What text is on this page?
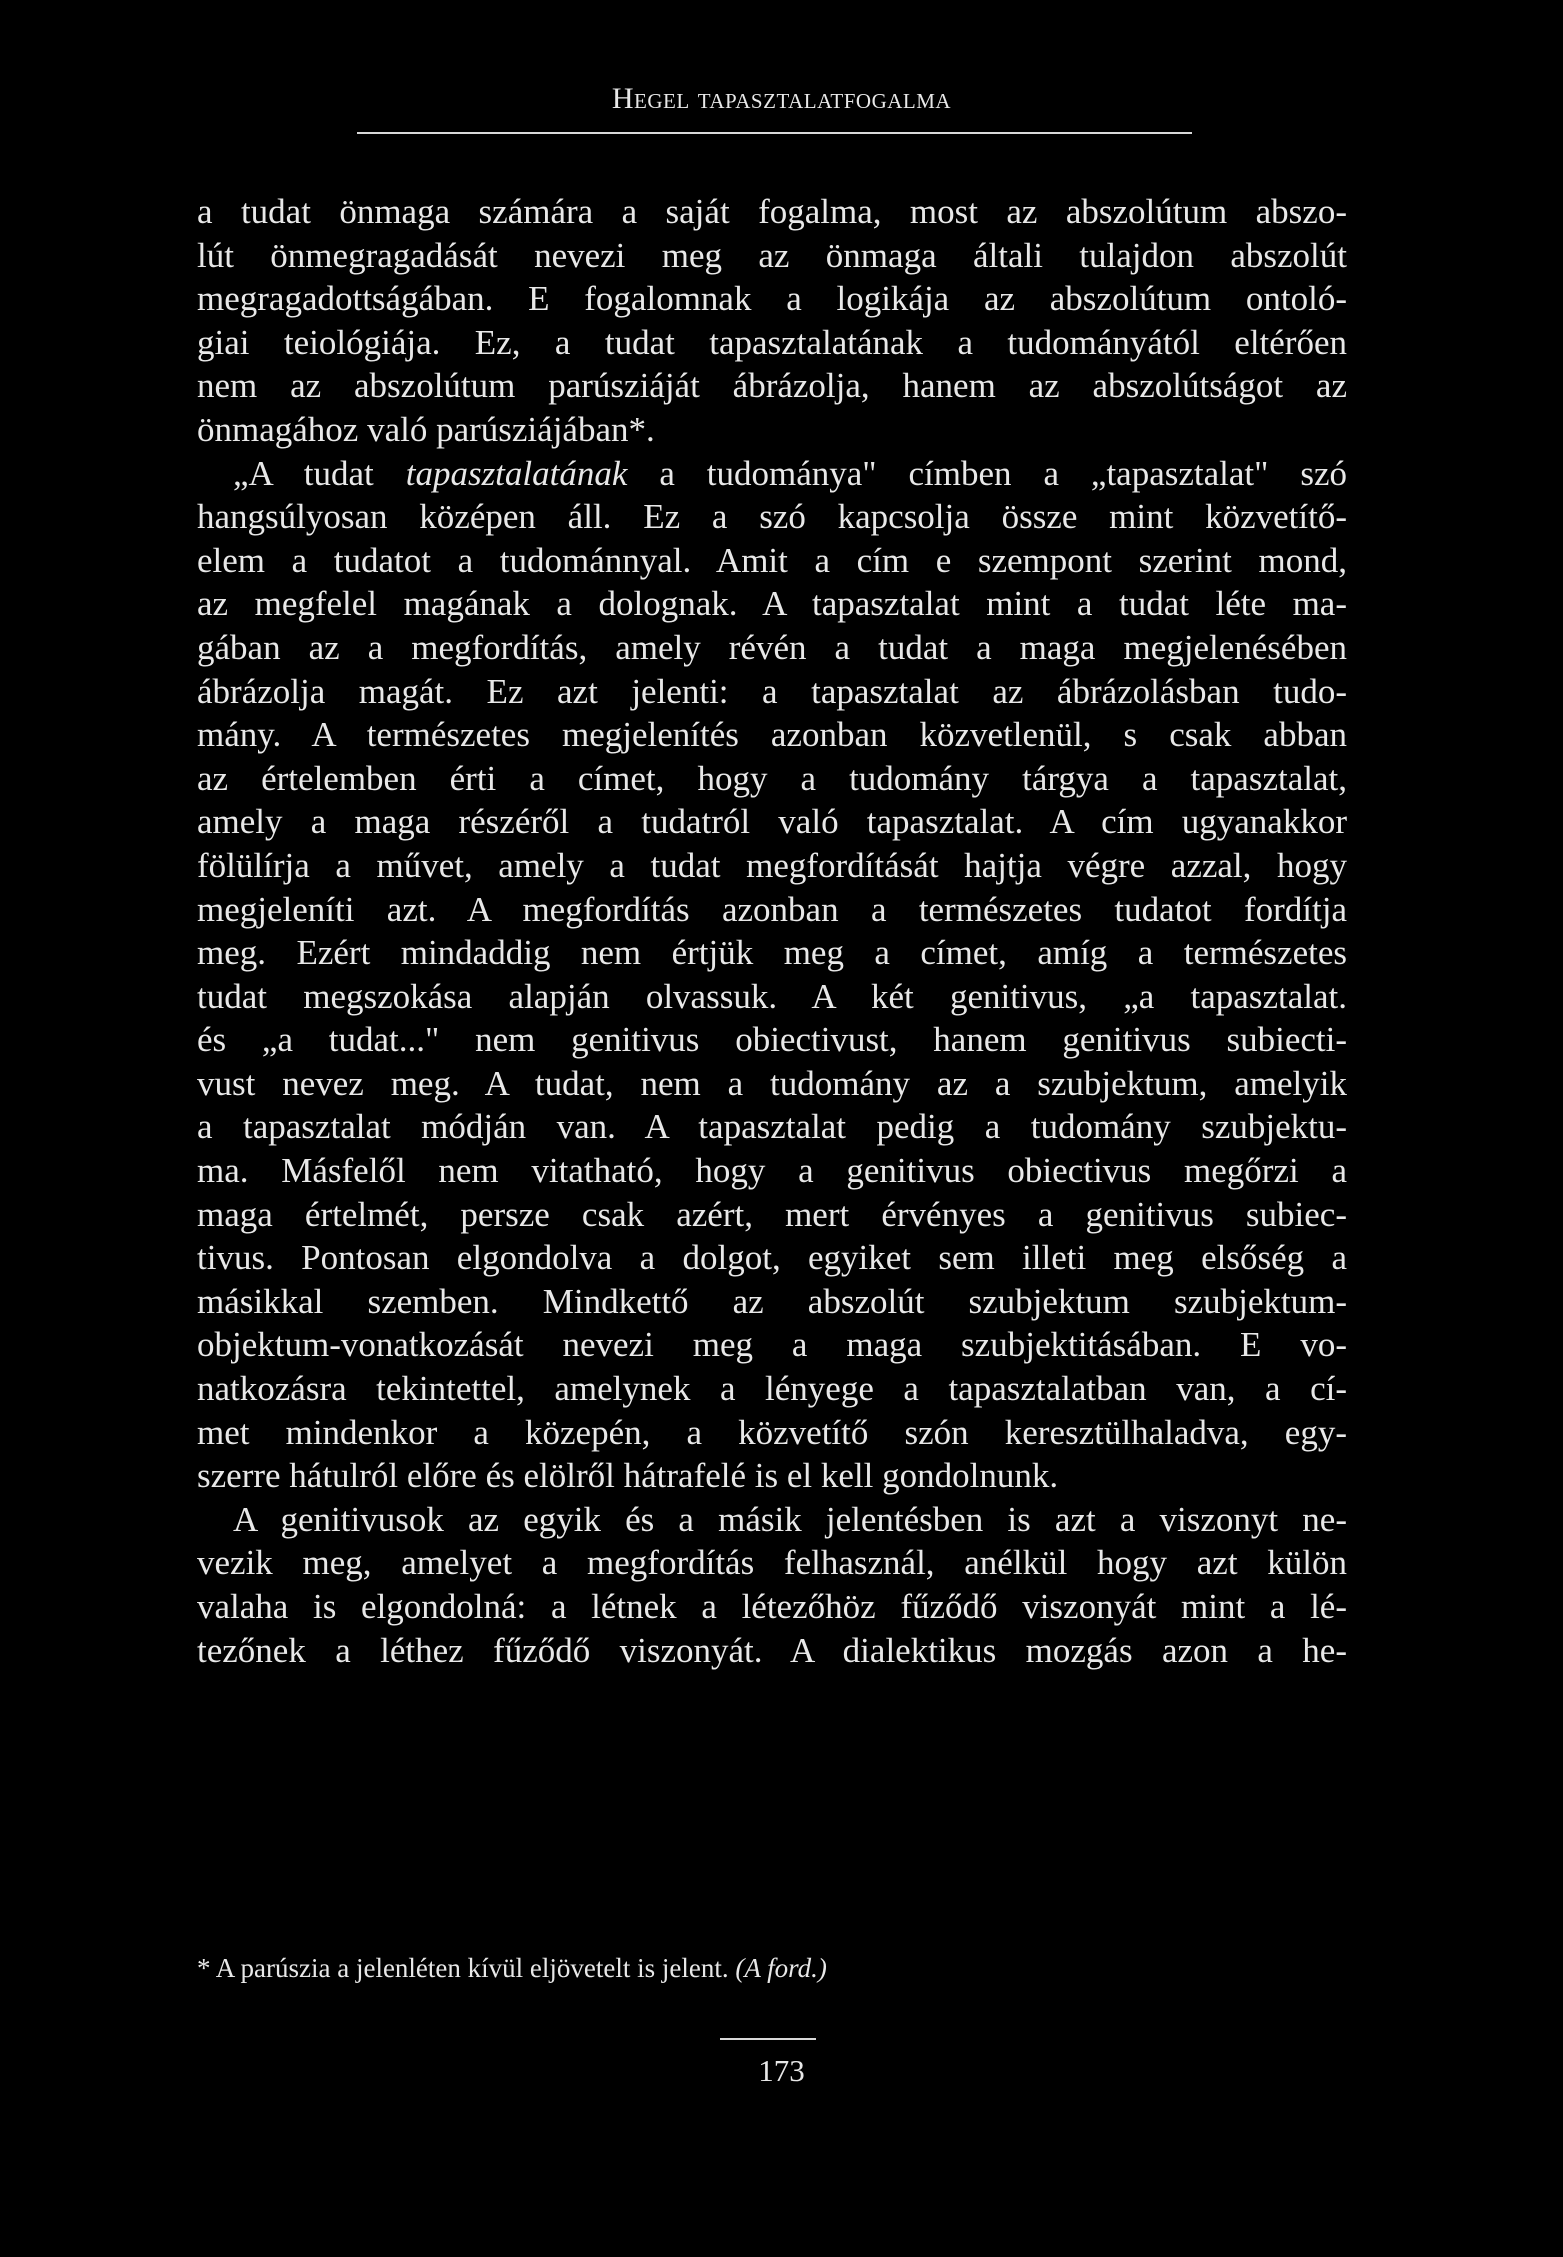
Hegel tapasztalatfogalma
a tudat önmaga számára a saját fogalma, most az abszolútum abszo-
lút önmegragadását nevezi meg az önmaga általi tulajdon abszolút
megragadottságában. E fogalomnak a logikája az abszolútum ontoló-
giai teiológiája. Ez, a tudat tapasztalatának a tudományától eltérően
nem az abszolútum parúsziáját ábrázolja, hanem az abszolútságot az
önmagához való parúsziájában*.
„A tudat tapasztalatának a tudománya" címben a „tapasztalat" szó
hangsúlyosan középen áll. Ez a szó kapcsolja össze mint közvetítő-
elem a tudatot a tudománnyal. Amit a cím e szempont szerint mond,
az megfelel magának a dolognak. A tapasztalat mint a tudat léte ma-
gában az a megfordítás, amely révén a tudat a maga megjelenésében
ábrázolja magát. Ez azt jelenti: a tapasztalat az ábrázolásban tudo-
mány. A természetes megjelenítés azonban közvetlenül, s csak abban
az értelemben érti a címet, hogy a tudomány tárgya a tapasztalat,
amely a maga részéről a tudatról való tapasztalat. A cím ugyanakkor
fölülírja a művet, amely a tudat megfordítását hajtja végre azzal, hogy
megjeleníti azt. A megfordítás azonban a természetes tudatot fordítja
meg. Ezért mindaddig nem értjük meg a címet, amíg a természetes
tudat megszokása alapján olvassuk. A két genitivus, „a tapasztalat.
és „a tudat..." nem genitivus obiectivust, hanem genitivus subiecti-
vust nevez meg. A tudat, nem a tudomány az a szubjektum, amelyik
a tapasztalat módján van. A tapasztalat pedig a tudomány szubjektu-
ma. Másfelől nem vitatható, hogy a genitivus obiectivus megőrzi a
maga értelmét, persze csak azért, mert érvényes a genitivus subiec-
tivus. Pontosan elgondolva a dolgot, egyiket sem illeti meg elsőség a
másikkal szemben. Mindkettő az abszolút szubjektum szubjektum-
objektum-vonatkozását nevezi meg a maga szubjektitásában. E vo-
natkozásra tekintettel, amelynek a lényege a tapasztalatban van, a cí-
met mindenkor a közepén, a közvetítő szón keresztülhaladva, egy-
szerre hátulról előre és elölről hátrafelé is el kell gondolnunk.
A genitivusok az egyik és a másik jelentésben is azt a viszonyt ne-
vezik meg, amelyet a megfordítás felhasznál, anélkül hogy azt külön
valaha is elgondolná: a létnek a létezőhöz fűződő viszonyát mint a lé-
tezőnek a léthez fűződő viszonyát. A dialektikus mozgás azon a he-
* A parúszia a jelenléten kívül eljövetelt is jelent. (A ford.)
173
